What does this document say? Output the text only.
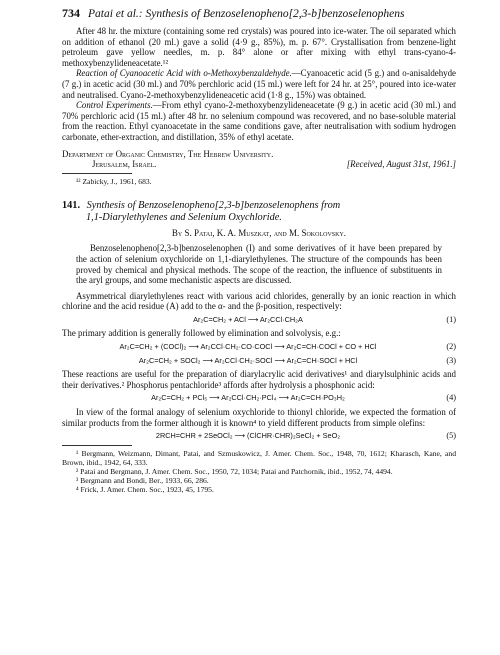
734 Patai et al.: Synthesis of Benzoselenopheno[2,3-b]benzoselenophens

After 48 hr. the mixture (containing some red crystals) was poured into ice-water. The oil separated which on addition of ethanol (20 ml.) gave a solid (4·9 g., 85%), m. p. 67°. Crystallisation from benzene-light petroleum gave yellow needles, m. p. 84° alone or after mixing with ethyl trans-cyano-4-methoxybenzylideneacetate.¹²

Reaction of Cyanoacetic Acid with o-Methoxybenzaldehyde.—Cyanoacetic acid (5 g.) and o-anisaldehyde (7 g.) in acetic acid (30 ml.) and 70% perchloric acid (15 ml.) were left for 24 hr. at 25°, poured into ice-water and neutralised. Cyano-2-methoxybenzylideneacetic acid (1·8 g., 15%) was obtained.

Control Experiments.—From ethyl cyano-2-methoxybenzylideneacetate (9 g.) in acetic acid (30 ml.) and 70% perchloric acid (15 ml.) after 48 hr. no selenium compound was recovered, and no base-soluble material from the reaction. Ethyl cyanoacetate in the same conditions gave, after neutralisation with sodium hydrogen carbonate, ether-extraction, and distillation, 35% of ethyl acetate.

Department of Organic Chemistry, The Hebrew University.

Jerusalem, Israel.	[Received, August 31st, 1961.]

¹² Zabicky, J., 1961, 683.

141. Synthesis of Benzoselenopheno[2,3-b]benzoselenophens from
1,1-Diarylethylenes and Selenium Oxychloride.

By S. Patai, K. A. Muszkat, and M. Sokolovsky.

Benzoselenopheno[2,3-b]benzoselenophen (I) and some derivatives of it have been prepared by the action of selenium oxychloride on 1,1-diarylethylenes. The structure of the compounds has been proved by chemical and physical methods. The scope of the reaction, the influence of substituents in the aryl groups, and some mechanistic aspects are discussed.

Asymmetrical diarylethylenes react with various acid chlorides, generally by an ionic reaction in which chlorine and the acid residue (A) add to the α- and the β-position, respectively:

Ar₂C=CH₂ + ACl ⟶ Ar₂CCl·CH₂A	(1)

The primary addition is generally followed by elimination and solvolysis, e.g.:

Ar₂C=CH₂ + (COCl)₂ ⟶ Ar₂CCl·CH₂·CO·COCl ⟶ Ar₂C=CH·COCl + CO + HCl	(2)
Ar₂C=CH₂ + SOCl₂ ⟶ Ar₂CCl·CH₂·SOCl ⟶ Ar₂C=CH·SOCl + HCl	(3)

These reactions are useful for the preparation of diarylacrylic acid derivatives¹ and diarylsulphinic acids and their derivatives.² Phosphorus pentachloride³ affords after hydrolysis a phosphonic acid:

Ar₂C=CH₂ + PCl₅ ⟶ Ar₂CCl·CH₂·PCl₄ ⟶ Ar₂C=CH·PO₃H₂	(4)

In view of the formal analogy of selenium oxychloride to thionyl chloride, we expected the formation of similar products from the former although it is known⁴ to yield different products from simple olefins:

2RCH=CHR + 2SeOCl₂ ⟶ (ClCHR·CHR)₂SeCl₂ + SeO₂	(5)

¹ Bergmann, Weizmann, Dimant, Patai, and Szmuskowicz, J. Amer. Chem. Soc., 1948, 70, 1612; Kharasch, Kane, and Brown, ibid., 1942, 64, 333.

² Patai and Bergmann, J. Amer. Chem. Soc., 1950, 72, 1034; Patai and Patchornik, ibid., 1952, 74, 4494.

³ Bergmann and Bondi, Ber., 1933, 66, 286.

⁴ Frick, J. Amer. Chem. Soc., 1923, 45, 1795.
